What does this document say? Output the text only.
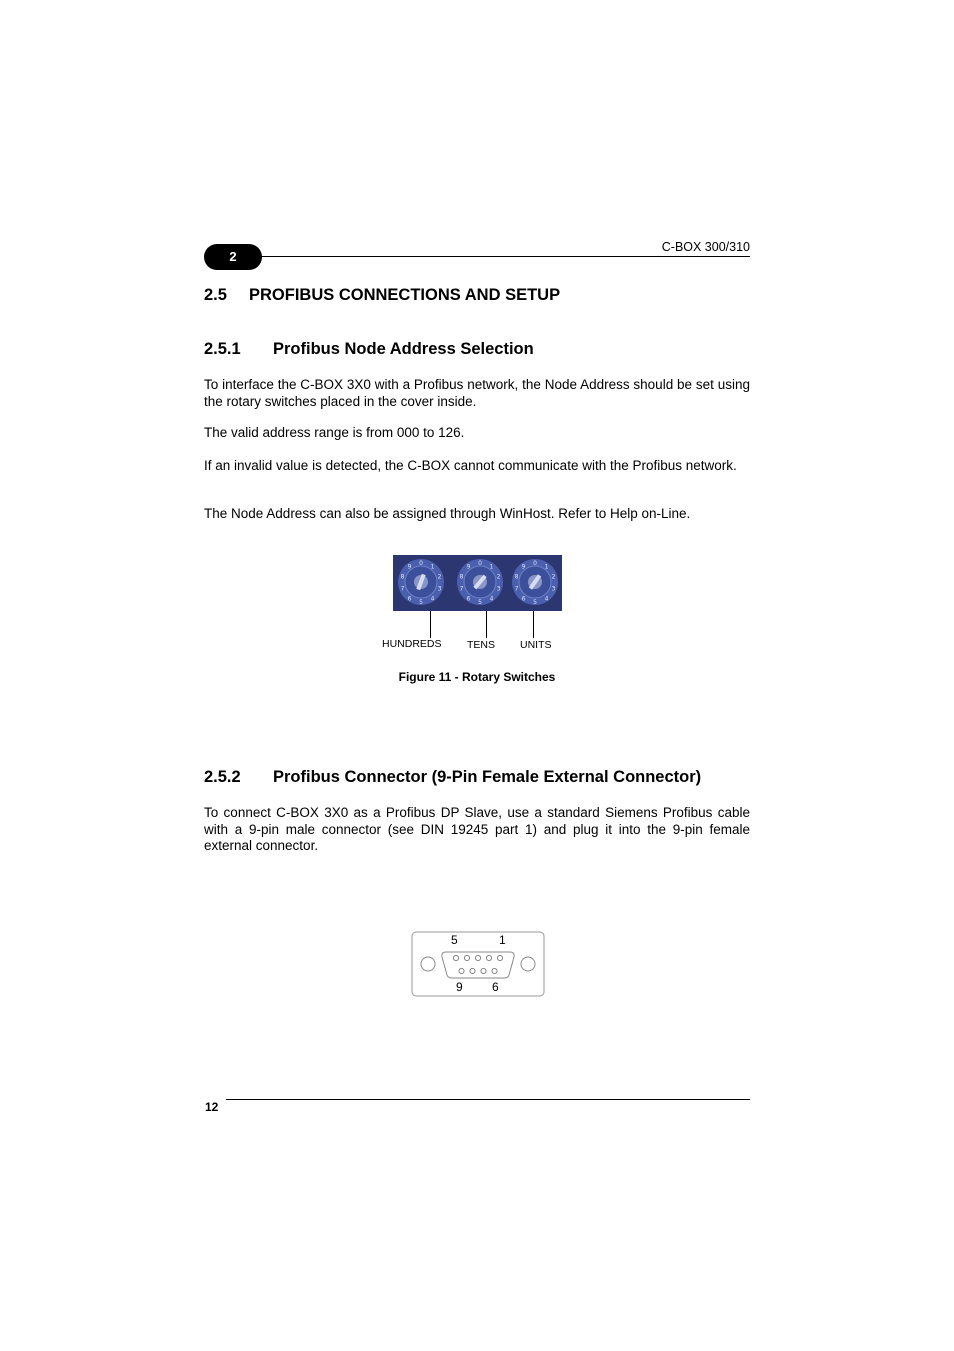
2
C-BOX 300/310
2.5 PROFIBUS CONNECTIONS AND SETUP
2.5.1 Profibus Node Address Selection

To interface the C-BOX 3X0 with a Profibus network, the Node Address should be set using the rotary switches placed in the cover inside.

The valid address range is from 000 to 126.

If an invalid value is detected, the C-BOX cannot communicate with the Profibus network.

The Node Address can also be assigned through WinHost. Refer to Help on-Line.

0
1
2
3
4
5
6
7
8
9
0
1
2
3
4
5
6
7
8
9
0
1
2
3
4
5
6
7
8
9
HUNDREDS TENS UNITS
Figure 11 - Rotary Switches
2.5.2 Profibus Connector (9-Pin Female External Connector)

To connect C-BOX 3X0 as a Profibus DP Slave, use a standard Siemens Profibus cable with a 9-pin male connector (see DIN 19245 part 1) and plug it into the 9-pin female external connector.

5	1
9 6
12
